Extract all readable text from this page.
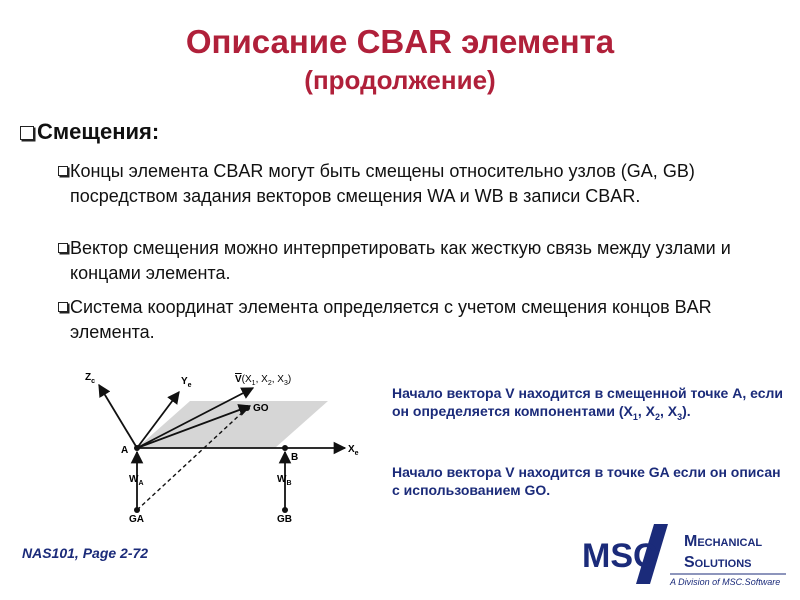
Описание CBAR элемента
(продолжение)
Смещения:
Концы элемента CBAR могут быть смещены относительно узлов (GA, GB) посредством задания векторов смещения WA и WB в записи CBAR.
Вектор смещения можно интерпретировать как жесткую связь между узлами и концами элемента.
Система координат элемента определяется с учетом смещения концов BAR элемента.
$Z_c$	$Y_e$
$V(X_1$, $X_2$, $X_3$)
GO
A
B
$X_e$
$W_A$	$W_B$
GA	GB
Начало вектора V находится в смещенной точке A, если он определяется компонентами ($X_1$, $X_2$, $X_3$).
Начало вектора V находится в точке GA если он описан с использованием GO.
NAS101, Page 2-72	MSC Mechanical
Solutions
A Division of MSC.Software
